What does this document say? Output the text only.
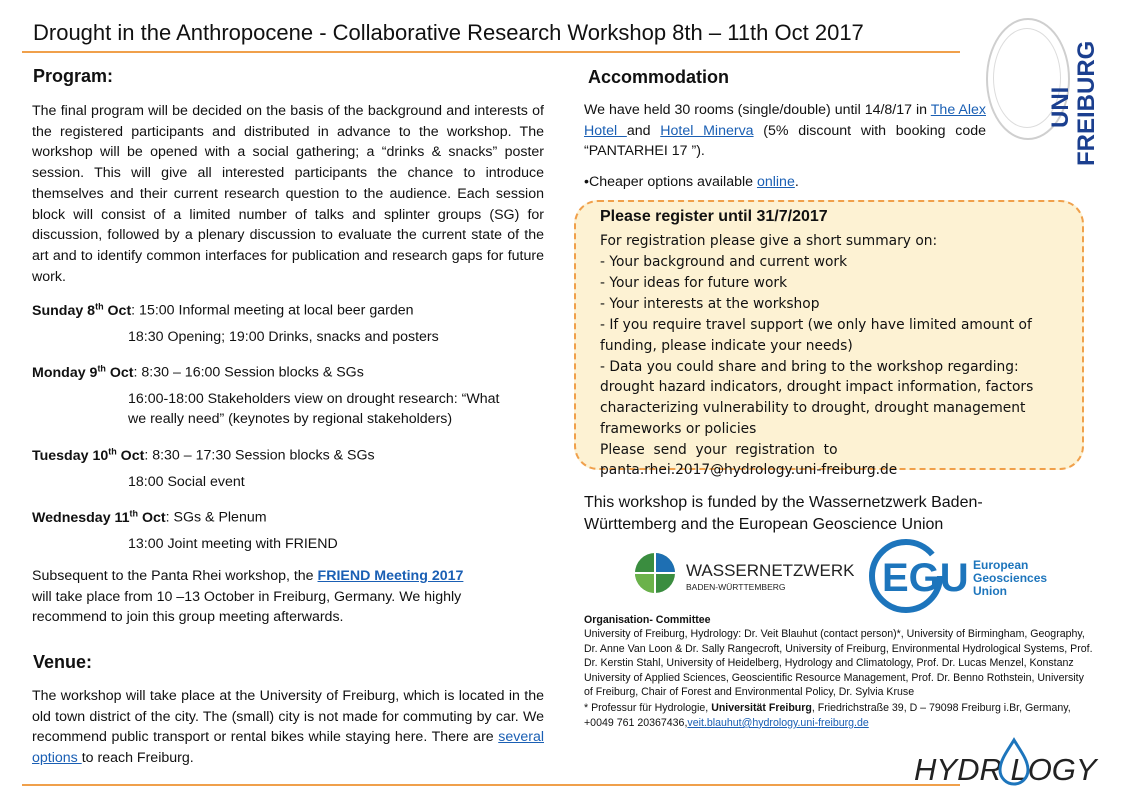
Drought in the Anthropocene - Collaborative Research Workshop 8th – 11th Oct 2017
UNI FREIBURG
Program:
The final program will be decided on the basis of the background and interests of the registered participants and distributed in advance to the workshop. The workshop will be opened with a social gathering; a “drinks & snacks” poster session. This will give all interested participants the chance to introduce themselves and their current research question to the audience. Each session block will consist of a limited number of talks and splinter groups (SG) for discussion, followed by a plenary discussion to evaluate the current state of the art and to identify common interfaces for publication and research gaps for future work.
Sunday 8th Oct: 15:00 Informal meeting at local beer garden
18:30 Opening; 19:00 Drinks, snacks and posters
Monday 9th Oct: 8:30 – 16:00 Session blocks & SGs
16:00-18:00 Stakeholders view on drought research: “What
we really need” (keynotes by regional stakeholders)
Tuesday 10th Oct: 8:30 – 17:30 Session blocks & SGs
18:00 Social event
Wednesday 11th Oct: SGs & Plenum
13:00 Joint meeting with FRIEND
Subsequent to the Panta Rhei workshop, the FRIEND Meeting 2017
will take place from 10 –13 October in Freiburg, Germany. We highly
recommend to join this group meeting afterwards.
Venue:
The workshop will take place at the University of Freiburg, which is located in the old town district of the city. The (small) city is not made for commuting by car. We recommend public transport or rental bikes while staying here. There are several options to reach Freiburg.
Accommodation
We have held 30 rooms (single/double) until 14/8/17 in The Alex Hotel and Hotel Minerva (5% discount with booking code “PANTARHEI 17 ”).
•Cheaper options available online.
Please register until 31/7/2017
For registration please give a short summary on:
- Your background and current work
- Your ideas for future work
- Your interests at the workshop
- If you require travel support (we only have limited amount of
funding, please indicate your needs)
- Data you could share and bring to the workshop regarding:
drought hazard indicators, drought impact information, factors
characterizing vulnerability to drought, drought management
frameworks or policies
Please  send  your  registration  to
panta.rhei.2017@hydrology.uni-freiburg.de
This workshop is funded by the Wassernetzwerk Baden-
Württemberg and the European Geoscience Union
WASSERNETZWERK
BADEN-WÜRTTEMBERG EGU European
Geosciences
Union
Organisation- Committee
University of Freiburg, Hydrology: Dr. Veit Blauhut (contact person)*, University of Birmingham, Geography, Dr. Anne Van Loon & Dr. Sally Rangecroft, University of Freiburg, Environmental Hydrological Systems, Prof. Dr. Kerstin Stahl, University of Heidelberg, Hydrology and Climatology, Prof. Dr. Lucas Menzel, Konstanz University of Applied Sciences, Geoscientific Resource Management, Prof. Dr. Benno Rothstein, University of Freiburg, Chair of Forest and Environmental Policy, Dr. Sylvia Kruse
* Professur für Hydrologie, Universität Freiburg, Friedrichstraße 39, D – 79098 Freiburg i.Br, Germany, +0049 761 20367436,veit.blauhut@hydrology.uni-freiburg.de
HYDR LOGY
